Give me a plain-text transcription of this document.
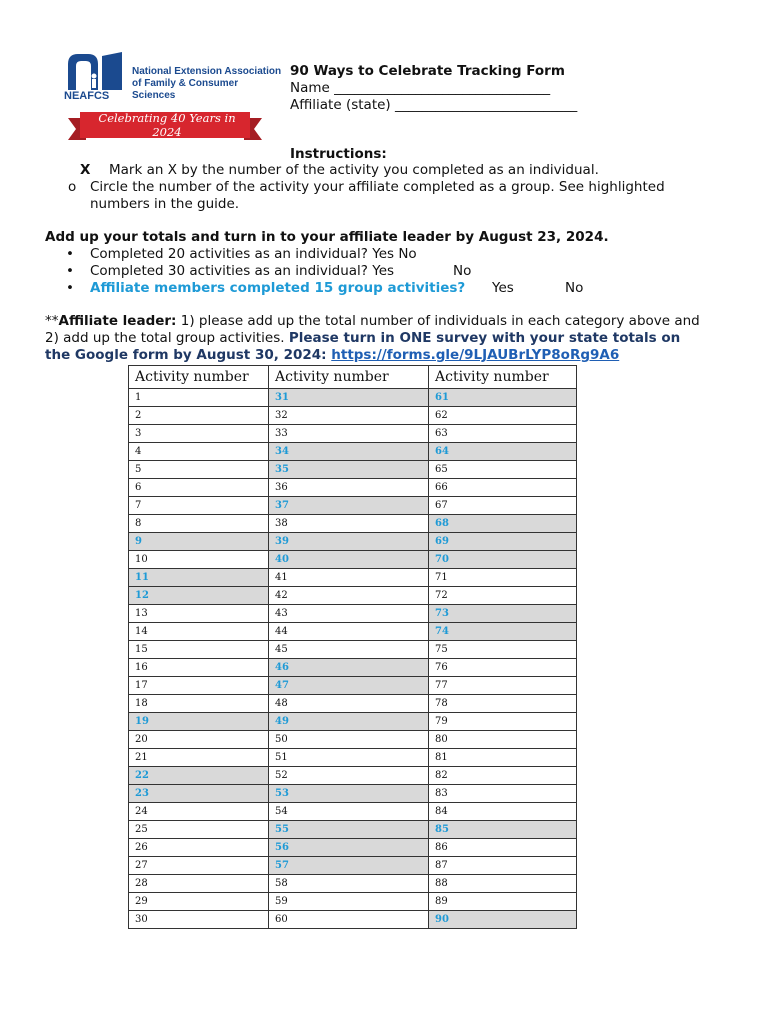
NEAFCS
National Extension Association
of Family & Consumer Sciences
Celebrating 40 Years in 2024
90 Ways to Celebrate Tracking Form
Name ________________________________
Affiliate (state) ___________________________
Instructions:
X Mark an X by the number of the activity you completed as an individual.
o Circle the number of the activity your affiliate completed as a group. See highlighted
numbers in the guide.
Add up your totals and turn in to your affiliate leader by August 23, 2024.
• Completed 20 activities as an individual? Yes No
• Completed 30 activities as an individual? Yes	No
• Affiliate members completed 15 group activities? Yes	No
**Affiliate leader: 1) please add up the total number of individuals in each category above and
2) add up the total group activities. Please turn in ONE survey with your state totals on
the Google form by August 30, 2024: https://forms.gle/9LJAUBrLYP8oRg9A6
Activity number	Activity number	Activity number
1	31	61
2	32	62
3	33	63
4	34	64
5	35	65
6	36	66
7	37	67
8	38	68
9	39	69
10	40	70
11	41	71
12	42	72
13	43	73
14	44	74
15	45	75
16	46	76
17	47	77
18	48	78
19	49	79
20	50	80
21	51	81
22	52	82
23	53	83
24	54	84
25	55	85
26	56	86
27	57	87
28	58	88
29	59	89
30	60	90
